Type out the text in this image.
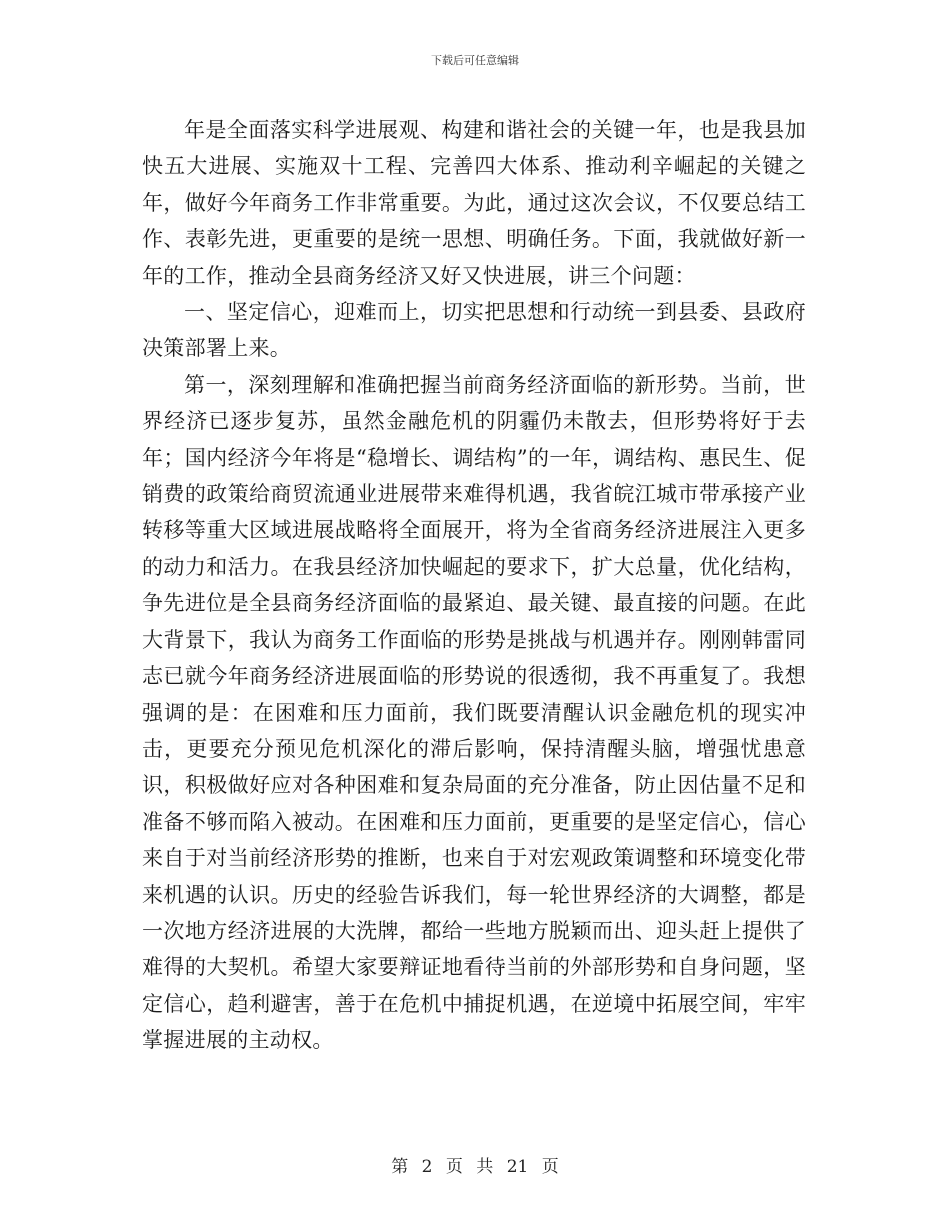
下载后可任意编辑

年是全面落实科学进展观、构建和谐社会的关键一年，也是我县加快五大进展、实施双十工程、完善四大体系、推动利辛崛起的关键之年，做好今年商务工作非常重要。为此，通过这次会议，不仅要总结工作、表彰先进，更重要的是统一思想、明确任务。下面，我就做好新一年的工作，推动全县商务经济又好又快进展，讲三个问题：

一、坚定信心，迎难而上，切实把思想和行动统一到县委、县政府决策部署上来。

第一，深刻理解和准确把握当前商务经济面临的新形势。当前，世界经济已逐步复苏，虽然金融危机的阴霾仍未散去，但形势将好于去年；国内经济今年将是“稳增长、调结构”的一年，调结构、惠民生、促销费的政策给商贸流通业进展带来难得机遇，我省皖江城市带承接产业转移等重大区域进展战略将全面展开，将为全省商务经济进展注入更多的动力和活力。在我县经济加快崛起的要求下，扩大总量，优化结构，争先进位是全县商务经济面临的最紧迫、最关键、最直接的问题。在此大背景下，我认为商务工作面临的形势是挑战与机遇并存。刚刚韩雷同志已就今年商务经济进展面临的形势说的很透彻，我不再重复了。我想强调的是：在困难和压力面前，我们既要清醒认识金融危机的现实冲击，更要充分预见危机深化的滞后影响，保持清醒头脑，增强忧患意识，积极做好应对各种困难和复杂局面的充分准备，防止因估量不足和准备不够而陷入被动。在困难和压力面前，更重要的是坚定信心，信心来自于对当前经济形势的推断，也来自于对宏观政策调整和环境变化带来机遇的认识。历史的经验告诉我们，每一轮世界经济的大调整，都是一次地方经济进展的大洗牌，都给一些地方脱颖而出、迎头赶上提供了难得的大契机。希望大家要辩证地看待当前的外部形势和自身问题，坚定信心，趋利避害，善于在危机中捕捉机遇，在逆境中拓展空间，牢牢掌握进展的主动权。

第 2 页 共 21 页
